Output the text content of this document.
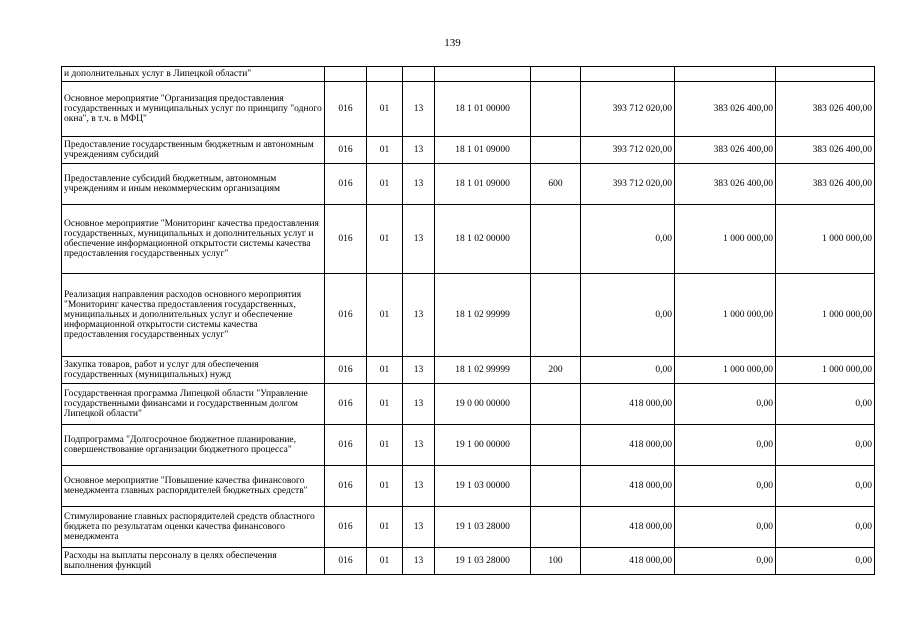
139
и дополнительных услуг в Липецкой области"								
Основное мероприятие "Организация предоставления государственных и муниципальных услуг по принципу "одного окна", в т.ч. в МФЦ"	016	01	13	18 1 01 00000		393 712 020,00	383 026 400,00	383 026 400,00
Предоставление государственным бюджетным и автономным учреждениям субсидий	016	01	13	18 1 01 09000		393 712 020,00	383 026 400,00	383 026 400,00
Предоставление субсидий бюджетным, автономным учреждениям и иным некоммерческим организациям	016	01	13	18 1 01 09000	600	393 712 020,00	383 026 400,00	383 026 400,00
Основное мероприятие "Мониторинг качества предоставления государственных, муниципальных и дополнительных услуг и обеспечение информационной открытости системы качества предоставления государственных услуг"	016	01	13	18 1 02 00000		0,00	1 000 000,00	1 000 000,00
Реализация направления расходов основного мероприятия "Мониторинг качества предоставления государственных, муниципальных и дополнительных услуг и обеспечение информационной открытости системы качества предоставления государственных услуг"	016	01	13	18 1 02 99999		0,00	1 000 000,00	1 000 000,00
Закупка товаров, работ и услуг для обеспечения государственных (муниципальных) нужд	016	01	13	18 1 02 99999	200	0,00	1 000 000,00	1 000 000,00
Государственная программа Липецкой области "Управление государственными финансами и государственным долгом Липецкой области"	016	01	13	19 0 00 00000		418 000,00	0,00	0,00
Подпрограмма "Долгосрочное бюджетное планирование, совершенствование организации бюджетного процесса"	016	01	13	19 1 00 00000		418 000,00	0,00	0,00
Основное мероприятие "Повышение качества финансового менеджмента главных распорядителей бюджетных средств"	016	01	13	19 1 03 00000		418 000,00	0,00	0,00
Стимулирование главных распорядителей средств областного бюджета по результатам оценки качества финансового менеджмента	016	01	13	19 1 03 28000		418 000,00	0,00	0,00
Расходы на выплаты персоналу в целях обеспечения выполнения функций	016	01	13	19 1 03 28000	100	418 000,00	0,00	0,00
